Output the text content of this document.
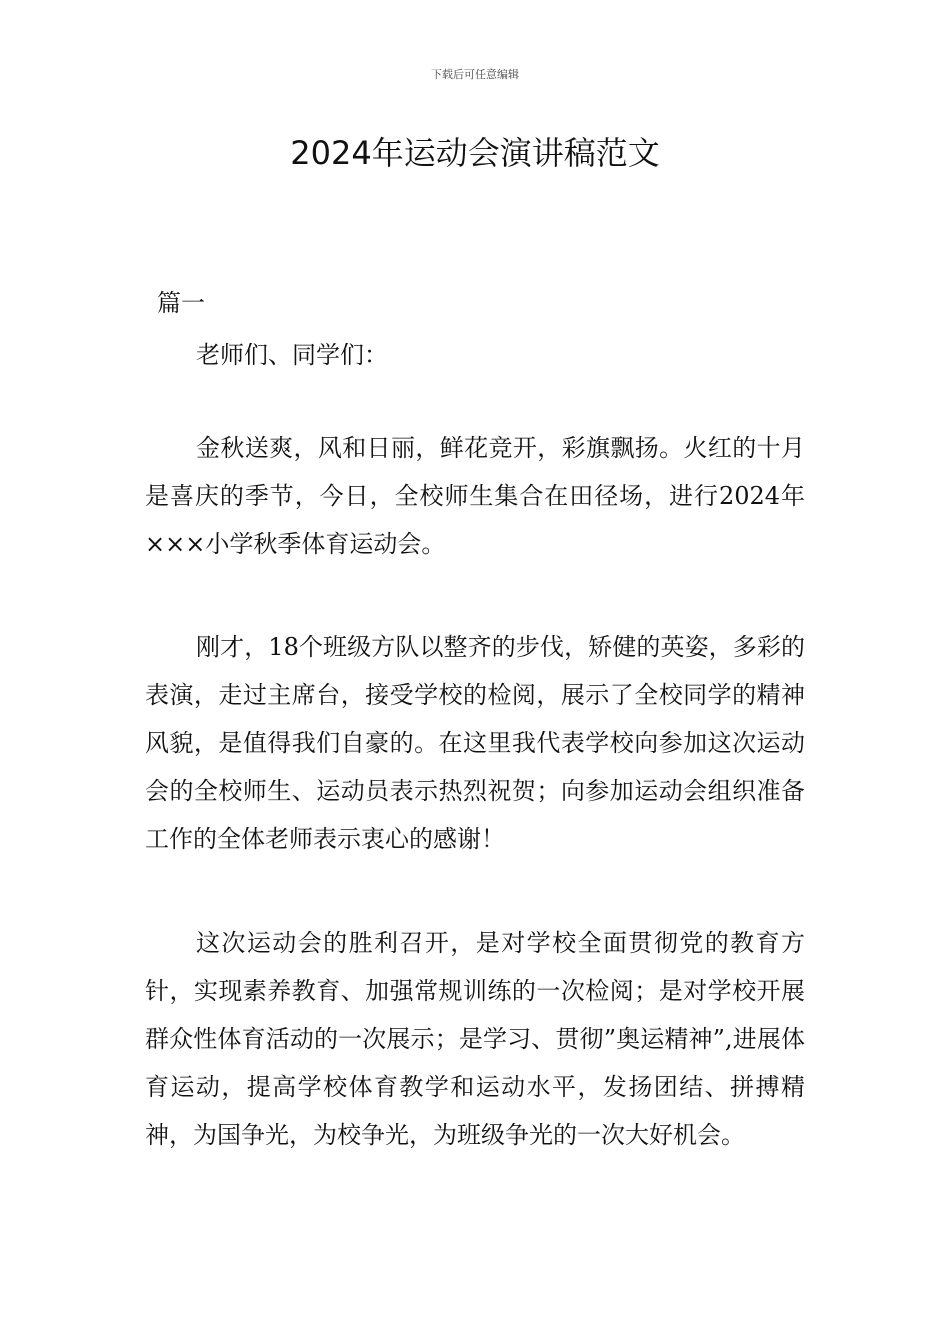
下载后可任意编辑
2024年运动会演讲稿范文
篇一
老师们、同学们：

金秋送爽，风和日丽，鲜花竞开，彩旗飘扬。火红的十月是喜庆的季节，今日，全校师生集合在田径场，进行2024年×××小学秋季体育运动会。

刚才，18个班级方队以整齐的步伐，矫健的英姿，多彩的表演，走过主席台，接受学校的检阅，展示了全校同学的精神风貌，是值得我们自豪的。在这里我代表学校向参加这次运动会的全校师生、运动员表示热烈祝贺；向参加运动会组织准备工作的全体老师表示衷心的感谢！

这次运动会的胜利召开，是对学校全面贯彻党的教育方针，实现素养教育、加强常规训练的一次检阅；是对学校开展群众性体育活动的一次展示；是学习、贯彻”奥运精神”,进展体育运动，提高学校体育教学和运动水平，发扬团结、拼搏精神，为国争光，为校争光，为班级争光的一次大好机会。
